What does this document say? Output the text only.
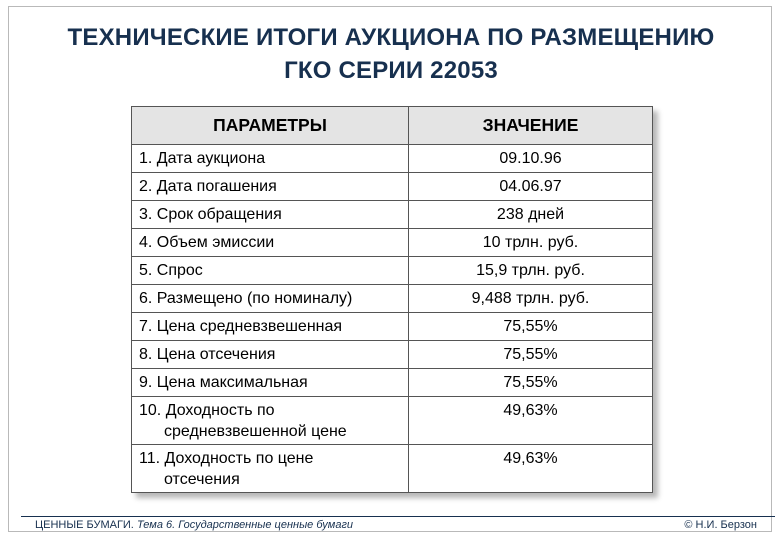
ТЕХНИЧЕСКИЕ ИТОГИ АУКЦИОНА ПО РАЗМЕЩЕНИЮ
ГКО СЕРИИ 22053
ПАРАМЕТРЫ	ЗНАЧЕНИЕ
1. Дата аукциона	09.10.96
2. Дата погашения	04.06.97
3. Срок обращения	238 дней
4. Объем эмиссии	10 трлн. руб.
5. Спрос	15,9 трлн. руб.
6. Размещено (по номиналу)	9,488 трлн. руб.
7. Цена средневзвешенная	75,55%
8. Цена отсечения	75,55%
9. Цена максимальная	75,55%
10. Доходность по
средневзвешенной цене	49,63%
11. Доходность по цене
отсечения	49,63%
ЦЕННЫЕ БУМАГИ. Тема 6. Государственные ценные бумаги	© Н.И. Берзон
